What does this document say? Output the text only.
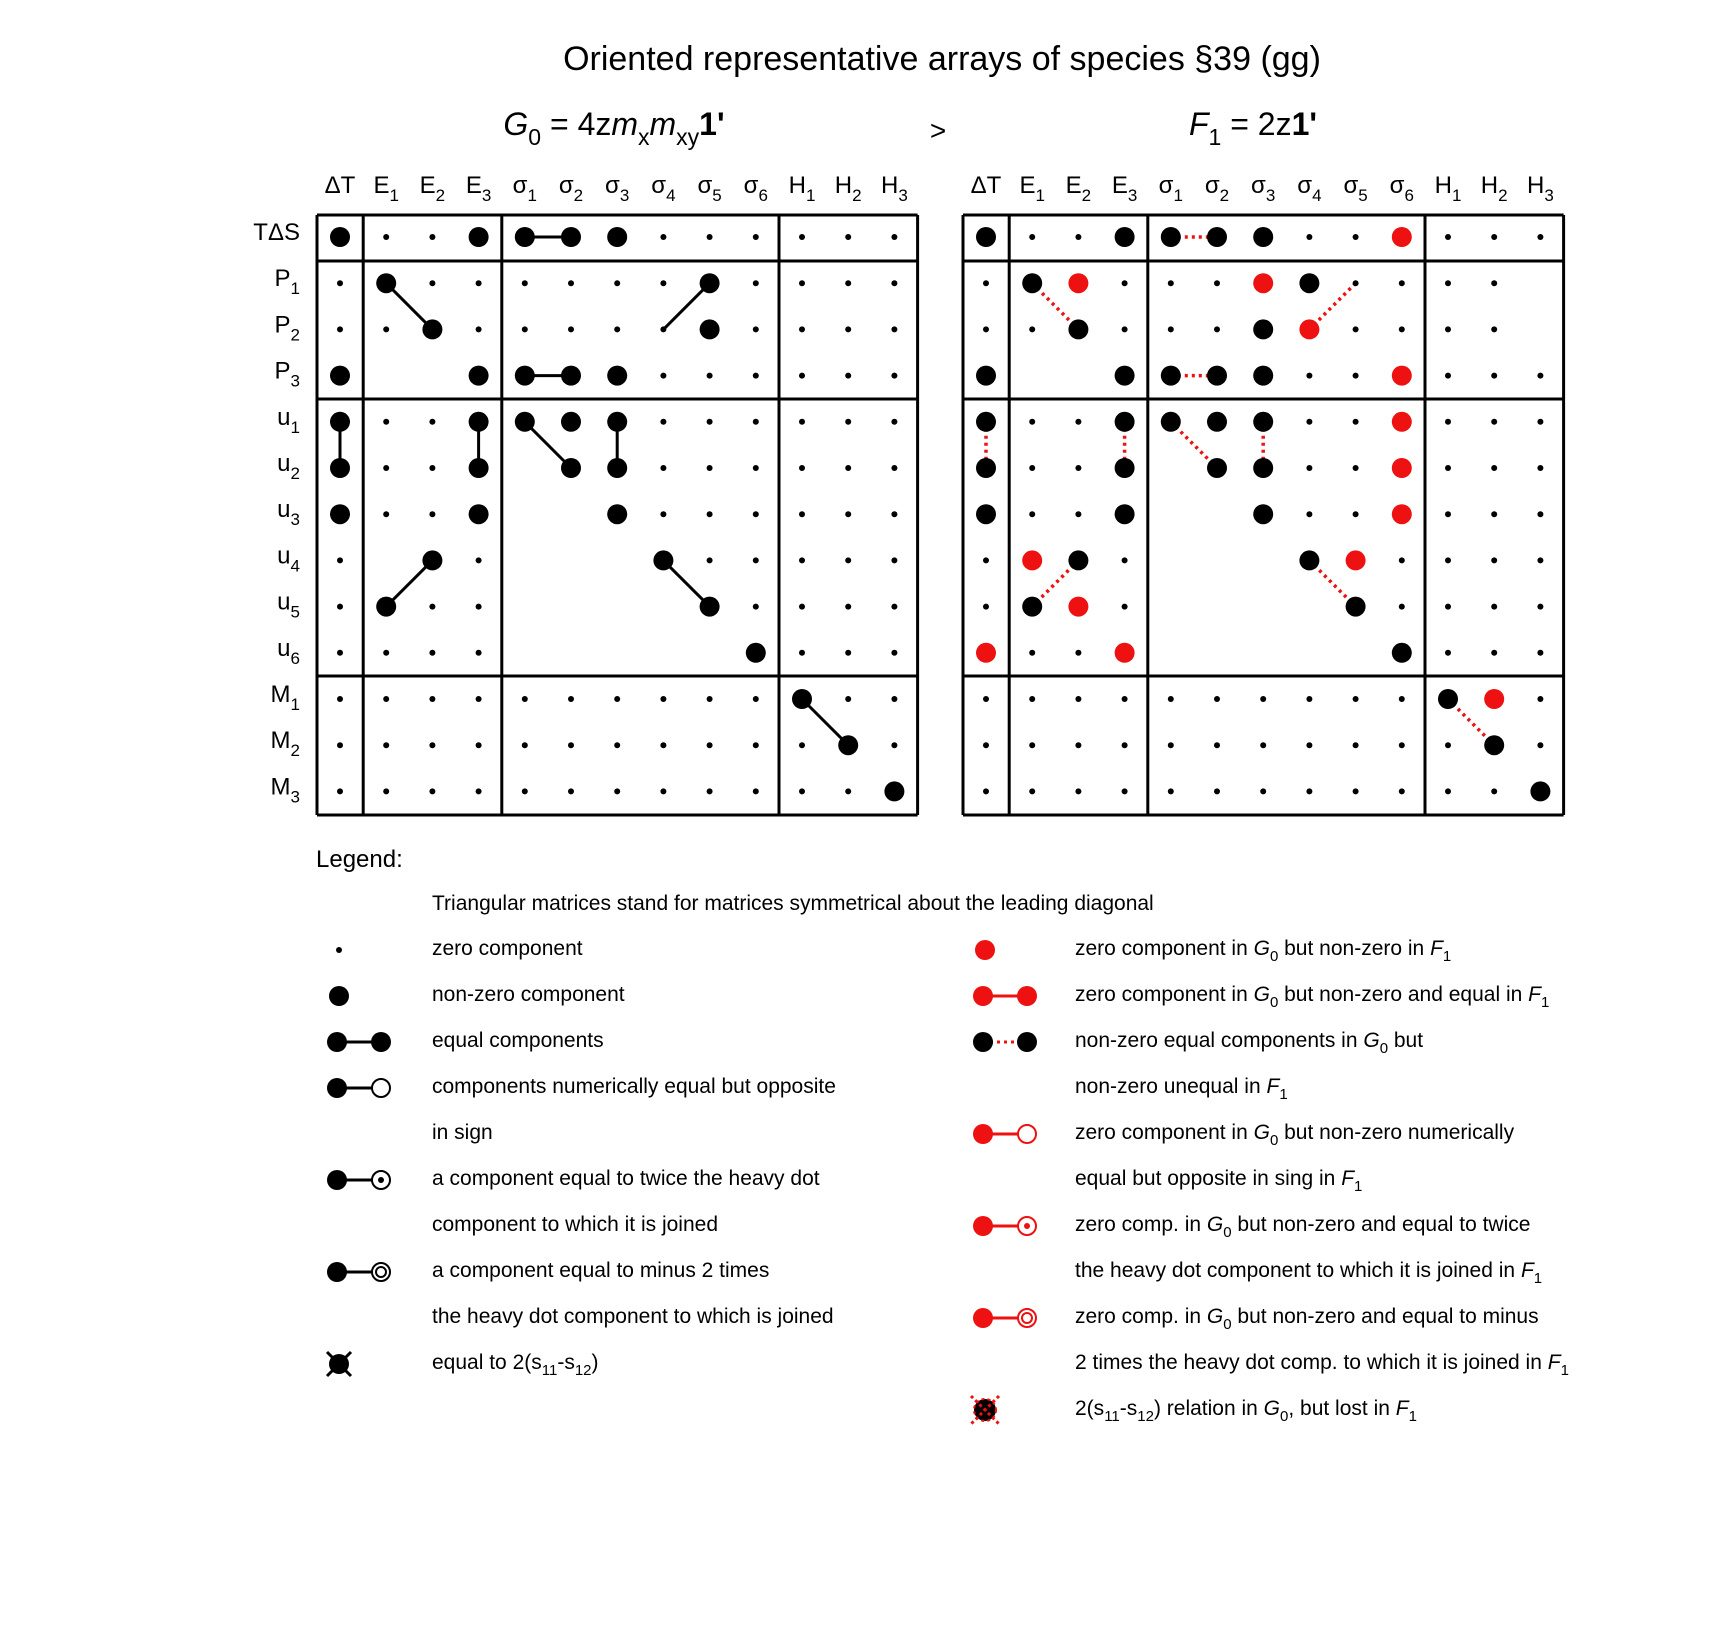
Oriented representative arrays of species §39 (gg)
>
$G_0 = 4zm_xm_{xy}1'$	$F_1 = 2z1'$
ΔT $E_1$ $E_2$ $E_3$ $\sigma_1$ $\sigma_2$ $\sigma_3$ $\sigma_4$ $\sigma_5$ $\sigma_6$ $H_1$ $H_2$ $H_3$	ΔT $E_1$ $E_2$ $E_3$ $\sigma_1$ $\sigma_2$ $\sigma_3$ $\sigma_4$ $\sigma_5$ $\sigma_6$ $H_1$ $H_2$ $H_3$
TΔS
$P_1$
$P_2$
$P_3$
$u_1$
$u_2$
$u_3$
$u_4$
$u_5$
$u_6$
$M_1$
$M_2$
$M_3$
Legend:
Triangular matrices stand for matrices symmetrical about the leading diagonal
zero component
non-zero component
equal components
components numerically equal but opposite
in sign
a component equal to twice the heavy dot
component to which it is joined
a component equal to minus 2 times
the heavy dot component to which is joined
equal to $2(s_{11}-s_{12})$
zero component in $G_0$ but non-zero in $F_1$
zero component in $G_0$ but non-zero and equal in $F_1$
non-zero equal components in $G_0$ but
non-zero unequal in $F_1$
zero component in $G_0$ but non-zero numerically
equal but opposite in sing in $F_1$
zero comp. in $G_0$ but non-zero and equal to twice
the heavy dot component to which it is joined in $F_1$
zero comp. in $G_0$ but non-zero and equal to minus
2 times the heavy dot comp. to which it is joined in $F_1$
$2(s_{11}-s_{12})$ relation in $G_0$, but lost in $F_1$
